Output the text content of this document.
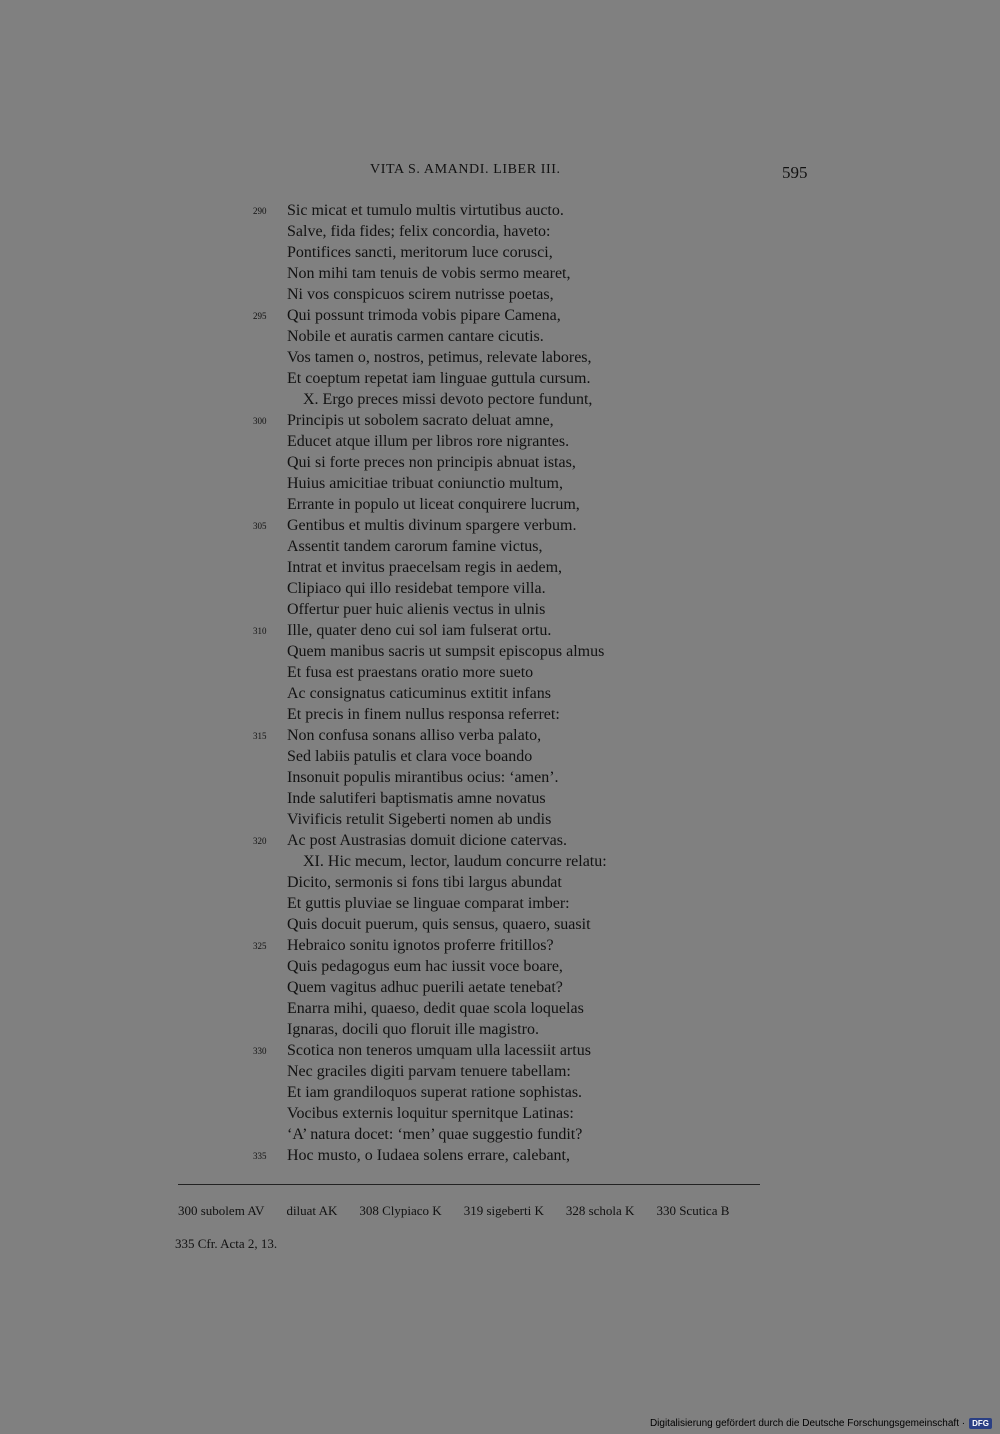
VITA S. AMANDI. LIBER III.	595
290	Sic micat et tumulo multis virtutibus aucto.
Salve, fida fides; felix concordia, haveto:
Pontifices sancti, meritorum luce corusci,
Non mihi tam tenuis de vobis sermo mearet,
Ni vos conspicuos scirem nutrisse poetas,
295	Qui possunt trimoda vobis pipare Camena,
Nobile et auratis carmen cantare cicutis.
Vos tamen o, nostros, petimus, relevate labores,
Et coeptum repetat iam linguae guttula cursum.
X. Ergo preces missi devoto pectore fundunt,
300	Principis ut sobolem sacrato deluat amne,
Educet atque illum per libros rore nigrantes.
Qui si forte preces non principis abnuat istas,
Huius amicitiae tribuat coniunctio multum,
Errante in populo ut liceat conquirere lucrum,
305	Gentibus et multis divinum spargere verbum.
Assentit tandem carorum famine victus,
Intrat et invitus praecelsam regis in aedem,
Clipiaco qui illo residebat tempore villa.
Offertur puer huic alienis vectus in ulnis
310	Ille, quater deno cui sol iam fulserat ortu.
Quem manibus sacris ut sumpsit episcopus almus
Et fusa est praestans oratio more sueto
Ac consignatus caticuminus extitit infans
Et precis in finem nullus responsa referret:
315	Non confusa sonans alliso verba palato,
Sed labiis patulis et clara voce boando
Insonuit populis mirantibus ocius: ‘amen’.
Inde salutiferi baptismatis amne novatus
Vivificis retulit Sigeberti nomen ab undis
320	Ac post Austrasias domuit dicione catervas.
XI. Hic mecum, lector, laudum concurre relatu:
Dicito, sermonis si fons tibi largus abundat
Et guttis pluviae se linguae comparat imber:
Quis docuit puerum, quis sensus, quaero, suasit
325	Hebraico sonitu ignotos proferre fritillos?
Quis pedagogus eum hac iussit voce boare,
Quem vagitus adhuc puerili aetate tenebat?
Enarra mihi, quaeso, dedit quae scola loquelas
Ignaras, docili quo floruit ille magistro.
330	Scotica non teneros umquam ulla lacessiit artus
Nec graciles digiti parvam tenuere tabellam:
Et iam grandiloquos superat ratione sophistas.
Vocibus externis loquitur spernitque Latinas:
‘A’ natura docet: ‘men’ quae suggestio fundit?
335	Hoc musto, o Iudaea solens errare, calebant,
300 subolem AV diluat AK 308 Clypiaco K 319 sigeberti K 328 schola K 330 Scutica B
335 Cfr. Acta 2, 13.
Digitalisierung gefördert durch die Deutsche Forschungsgemeinschaft · DFG
